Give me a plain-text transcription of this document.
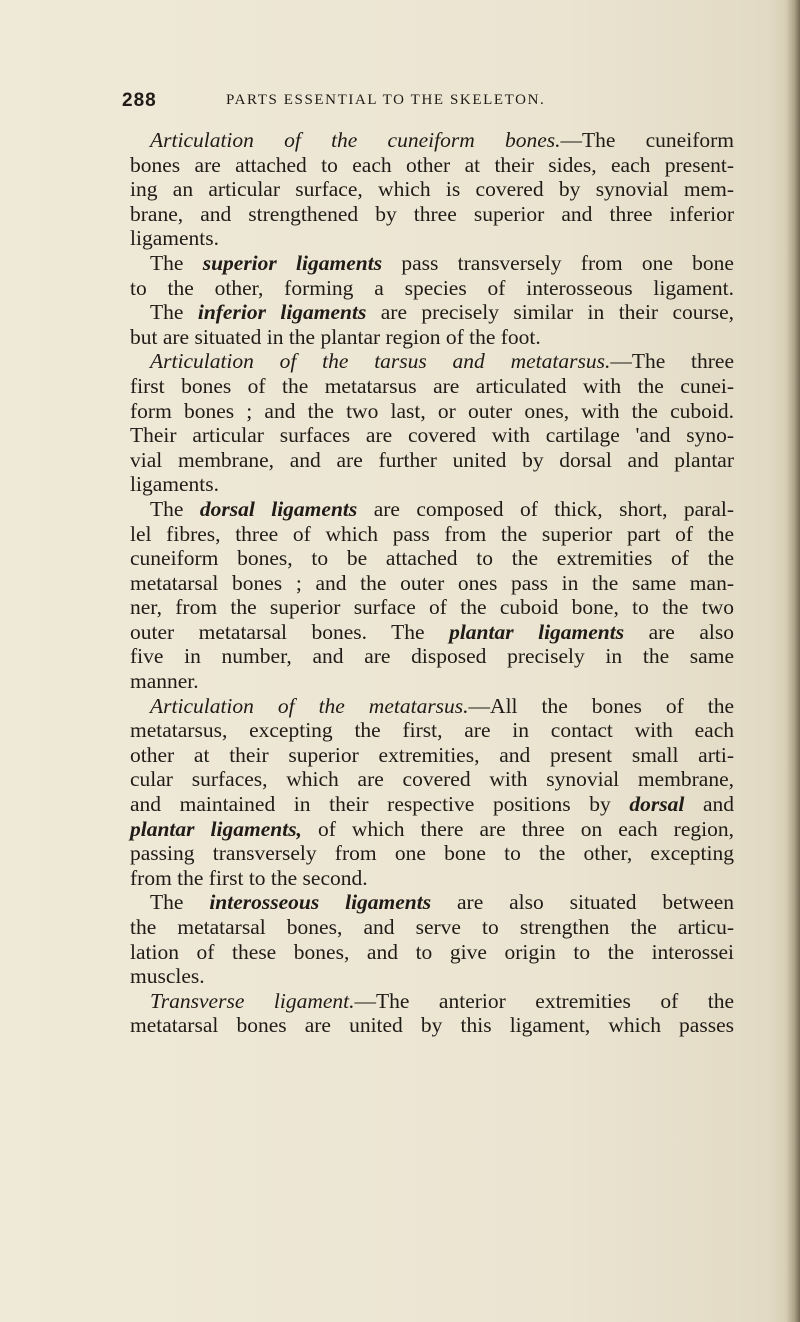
288	PARTS ESSENTIAL TO THE SKELETON.
Articulation of the cuneiform bones.—The cuneiform
bones are attached to each other at their sides, each present-
ing an articular surface, which is covered by synovial mem-
brane, and strengthened by three superior and three inferior
ligaments.
The superior ligaments pass transversely from one bone
to the other, forming a species of interosseous ligament.
The inferior ligaments are precisely similar in their course,
but are situated in the plantar region of the foot.
Articulation of the tarsus and metatarsus.—The three
first bones of the metatarsus are articulated with the cunei-
form bones ; and the two last, or outer ones, with the cuboid.
Their articular surfaces are covered with cartilage 'and syno-
vial membrane, and are further united by dorsal and plantar
ligaments.
The dorsal ligaments are composed of thick, short, paral-
lel fibres, three of which pass from the superior part of the
cuneiform bones, to be attached to the extremities of the
metatarsal bones ; and the outer ones pass in the same man-
ner, from the superior surface of the cuboid bone, to the two
outer metatarsal bones. The plantar ligaments are also
five in number, and are disposed precisely in the same
manner.
Articulation of the metatarsus.—All the bones of the
metatarsus, excepting the first, are in contact with each
other at their superior extremities, and present small arti-
cular surfaces, which are covered with synovial membrane,
and maintained in their respective positions by dorsal and
plantar ligaments, of which there are three on each region,
passing transversely from one bone to the other, excepting
from the first to the second.
The interosseous ligaments are also situated between
the metatarsal bones, and serve to strengthen the articu-
lation of these bones, and to give origin to the interossei
muscles.
Transverse ligament.—The anterior extremities of the
metatarsal bones are united by this ligament, which passes
